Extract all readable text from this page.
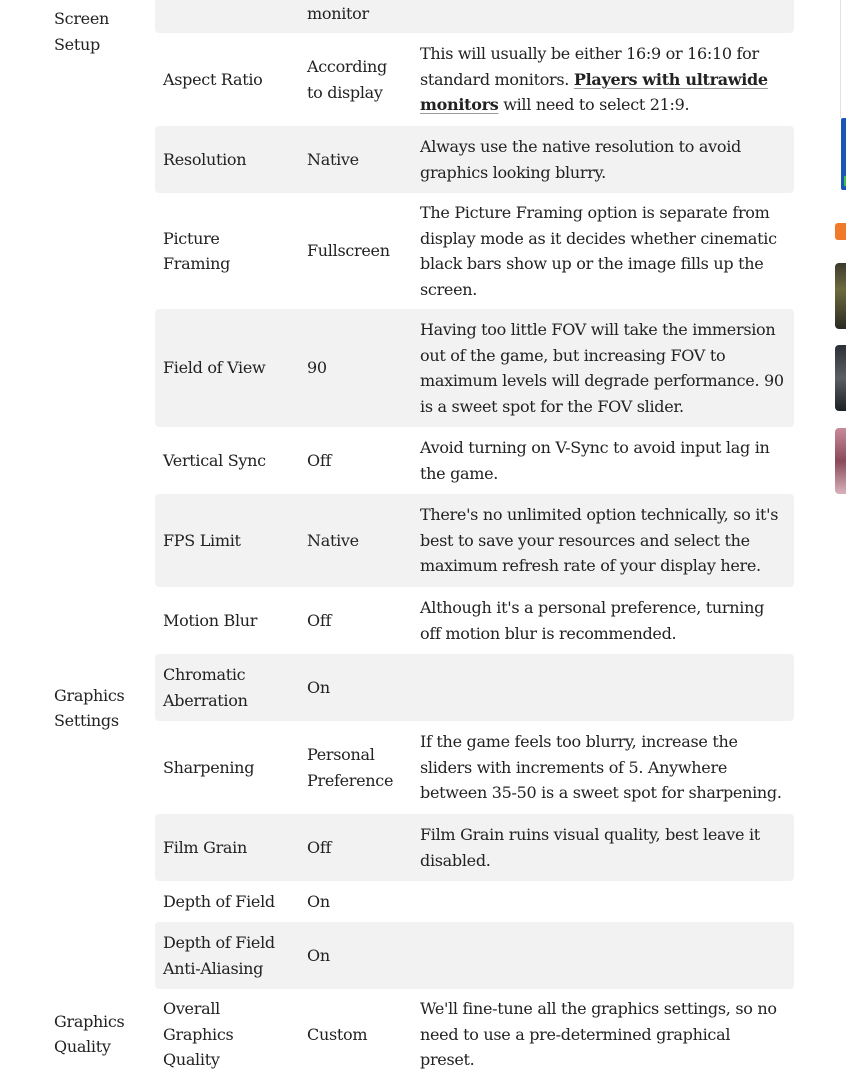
Screen Setup		monitor	
	Aspect Ratio	According to display	This will usually be either 16:9 or 16:10 for standard monitors. Players with ultrawide monitors will need to select 21:9.
	Resolution	Native	Always use the native resolution to avoid graphics looking blurry.
	Picture Framing	Fullscreen	The Picture Framing option is separate from display mode as it decides whether cinematic black bars show up or the image fills up the screen.
	Field of View	90	Having too little FOV will take the immersion out of the game, but increasing FOV to maximum levels will degrade performance. 90 is a sweet spot for the FOV slider.
Graphics Settings	Vertical Sync	Off	Avoid turning on V-Sync to avoid input lag in the game.
	FPS Limit	Native	There's no unlimited option technically, so it's best to save your resources and select the maximum refresh rate of your display here.
	Motion Blur	Off	Although it's a personal preference, turning off motion blur is recommended.
	Chromatic Aberration	On	
	Sharpening	Personal Preference	If the game feels too blurry, increase the sliders with increments of 5. Anywhere between 35-50 is a sweet spot for sharpening.
	Film Grain	Off	Film Grain ruins visual quality, best leave it disabled.
	Depth of Field	On	
	Depth of Field Anti-Aliasing	On	
Graphics Quality	Overall Graphics Quality	Custom	We'll fine-tune all the graphics settings, so no need to use a pre-determined graphical preset.
